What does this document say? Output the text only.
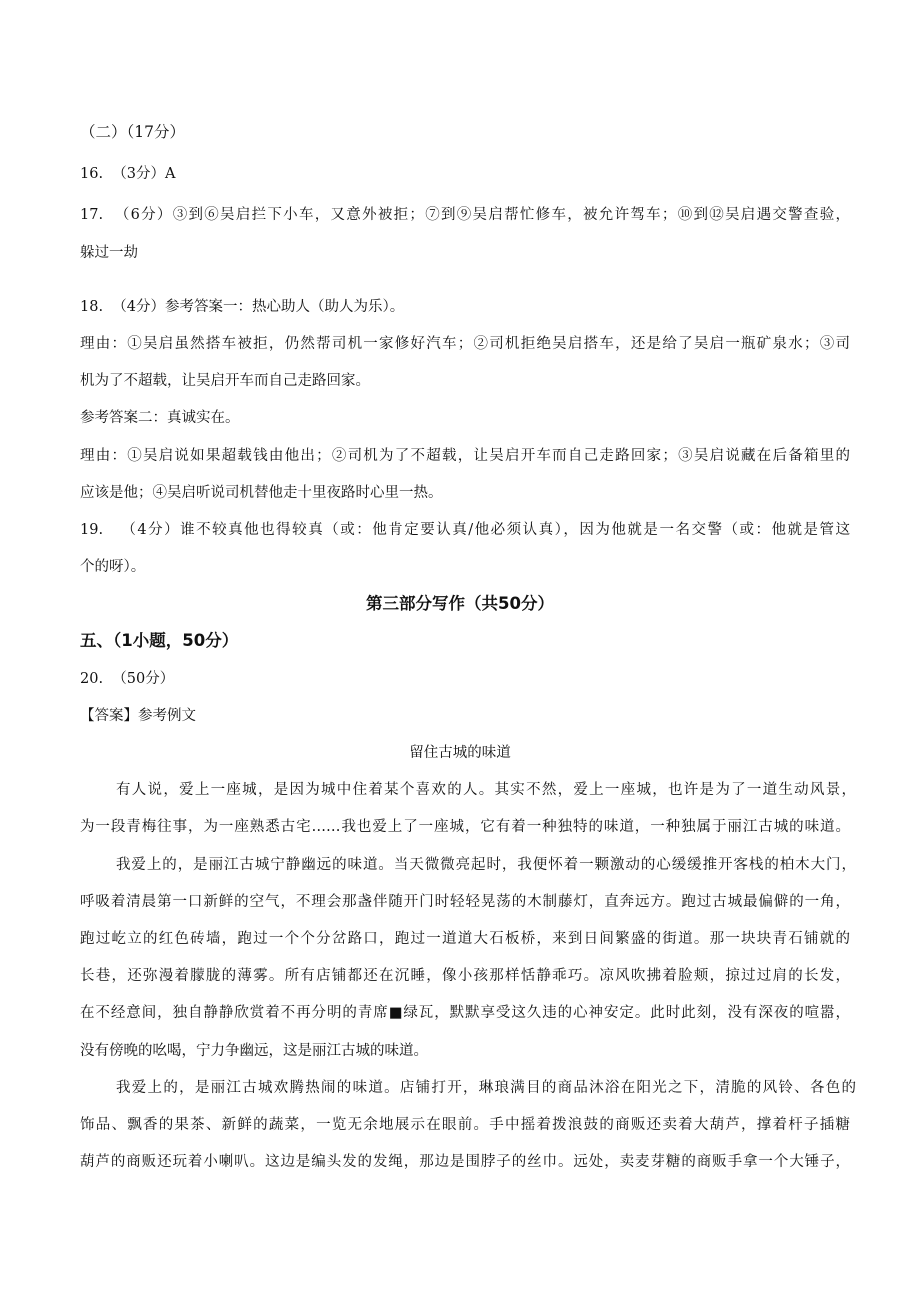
（二）（17分）
16.  （3分）A
17.  （6分）③到⑥吴启拦下小车，又意外被拒；⑦到⑨吴启帮忙修车，被允许驾车；⑩到⑫吴启遇交警查验，
躲过一劫
18.  （4分）参考答案一：热心助人（助人为乐）。
理由：①吴启虽然搭车被拒，仍然帮司机一家修好汽车；②司机拒绝吴启搭车，还是给了吴启一瓶矿泉水；③司
机为了不超载，让吴启开车而自己走路回家。
参考答案二：真诚实在。
理由：①吴启说如果超载钱由他出；②司机为了不超载，让吴启开车而自己走路回家；③吴启说藏在后备箱里的
应该是他；④吴启听说司机替他走十里夜路时心里一热。
19.   （4分）谁不较真他也得较真（或：他肯定要认真/他必须认真），因为他就是一名交警（或：他就是管这
个的呀）。
第三部分写作（共50分）
五、（1小题，50分）
20.  （50分）
【答案】参考例文
留住古城的味道
有人说，爱上一座城，是因为城中住着某个喜欢的人。其实不然，爱上一座城，也许是为了一道生动风景，
为一段青梅往事，为一座熟悉古宅……我也爱上了一座城，它有着一种独特的味道，一种独属于丽江古城的味道。
我爱上的，是丽江古城宁静幽远的味道。当天微微亮起时，我便怀着一颗激动的心缓缓推开客栈的柏木大门，
呼吸着清晨第一口新鲜的空气，不理会那盏伴随开门时轻轻晃荡的木制藤灯，直奔远方。跑过古城最偏僻的一角，
跑过屹立的红色砖墙，跑过一个个分岔路口，跑过一道道大石板桥，来到日间繁盛的街道。那一块块青石铺就的
长巷，还弥漫着朦胧的薄雾。所有店铺都还在沉睡，像小孩那样恬静乖巧。凉风吹拂着脸颊，掠过过肩的长发，
在不经意间，独自静静欣赏着不再分明的青席■绿瓦，默默享受这久违的心神安定。此时此刻，没有深夜的喧嚣，
没有傍晚的吆喝，宁力争幽远，这是丽江古城的味道。
我爱上的，是丽江古城欢腾热闹的味道。店铺打开，琳琅满目的商品沐浴在阳光之下，清脆的风铃、各色的
饰品、飘香的果茶、新鲜的蔬菜，一览无余地展示在眼前。手中摇着拨浪鼓的商贩还卖着大葫芦，撑着杆子插糖
葫芦的商贩还玩着小喇叭。这边是编头发的发绳，那边是围脖子的丝巾。远处，卖麦芽糖的商贩手拿一个大锤子，
